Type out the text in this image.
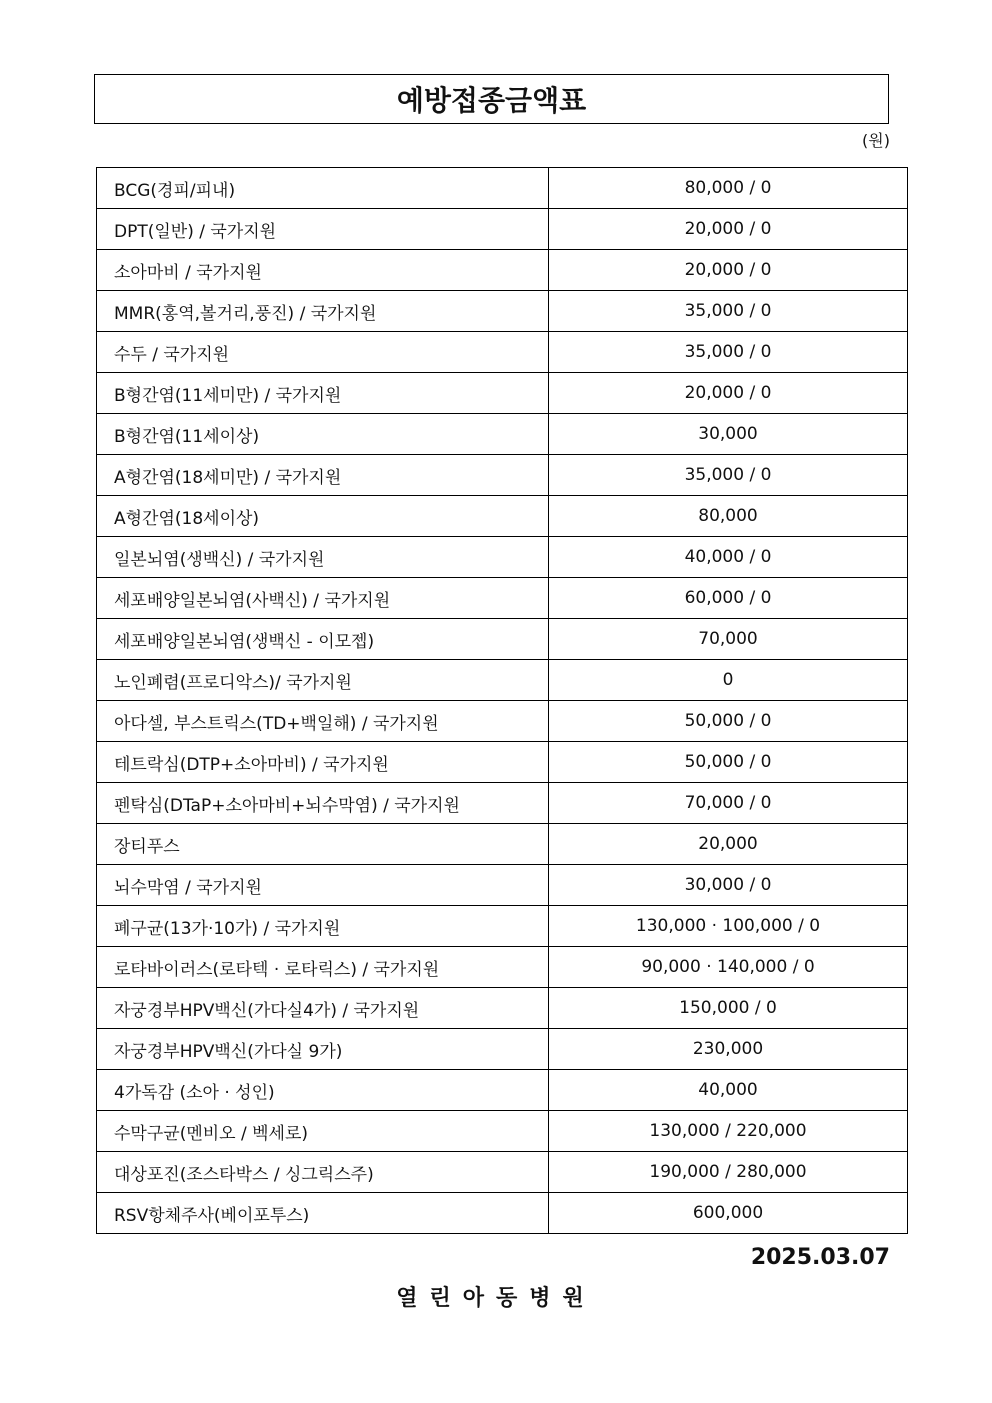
예방접종금액표
(원)
BCG(경피/피내)	80,000 / 0
DPT(일반) / 국가지원	20,000 / 0
소아마비 / 국가지원	20,000 / 0
MMR(홍역,볼거리,풍진) / 국가지원	35,000 / 0
수두 / 국가지원	35,000 / 0
B형간염(11세미만) / 국가지원	20,000 / 0
B형간염(11세이상)	30,000
A형간염(18세미만) / 국가지원	35,000 / 0
A형간염(18세이상)	80,000
일본뇌염(생백신) / 국가지원	40,000 / 0
세포배양일본뇌염(사백신) / 국가지원	60,000 / 0
세포배양일본뇌염(생백신 - 이모젭)	70,000
노인폐렴(프로디악스)/ 국가지원	0
아다셀, 부스트릭스(TD+백일해) / 국가지원	50,000 / 0
테트락심(DTP+소아마비) / 국가지원	50,000 / 0
펜탁심(DTaP+소아마비+뇌수막염) / 국가지원	70,000 / 0
장티푸스	20,000
뇌수막염 / 국가지원	30,000 / 0
폐구균(13가·10가) / 국가지원	130,000 · 100,000 / 0
로타바이러스(로타텍 · 로타릭스) / 국가지원	90,000 · 140,000 / 0
자궁경부HPV백신(가다실4가) / 국가지원	150,000 / 0
자궁경부HPV백신(가다실 9가)	230,000
4가독감 (소아 · 성인)	40,000
수막구균(멘비오 / 벡세로)	130,000 / 220,000
대상포진(조스타박스 / 싱그릭스주)	190,000 / 280,000
RSV항체주사(베이포투스)	600,000
2025.03.07
열린아동병원
